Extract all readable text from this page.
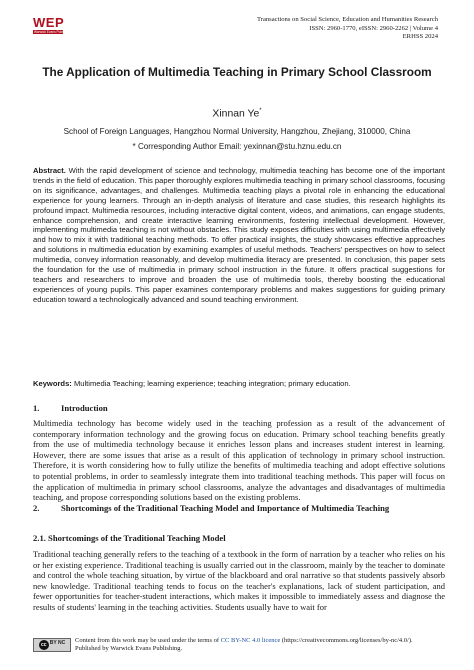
WEP
Warwick Evans Publishing
Transactions on Social Science, Education and Humanities Research
ISSN: 2960-1770, eISSN: 2960-2262 | Volume 4
ERHSS 2024
The Application of Multimedia Teaching in Primary School Classroom
Xinnan Ye*
School of Foreign Languages, Hangzhou Normal University, Hangzhou, Zhejiang, 310000, China
* Corresponding Author Email: yexinnan@stu.hznu.edu.cn
Abstract. With the rapid development of science and technology, multimedia teaching has become one of the important trends in the field of education. This paper thoroughly explores multimedia teaching in primary school classrooms, focusing on its significance, advantages, and challenges. Multimedia teaching plays a pivotal role in enhancing the educational experience for young learners. Through an in-depth analysis of literature and case studies, this research highlights its profound impact. Multimedia resources, including interactive digital content, videos, and animations, can engage students, enhance comprehension, and create interactive learning environments, fostering intellectual development. However, implementing multimedia teaching is not without obstacles. This study exposes difficulties with using multimedia effectively and how to mix it with traditional teaching methods. To offer practical insights, the study showcases effective approaches and solutions in multimedia education by examining examples of useful methods. Teachers' perspectives on how to select multimedia, convey information reasonably, and develop multimedia literacy are presented. In conclusion, this paper sets the foundation for the use of multimedia in primary school instruction in the future. It offers practical suggestions for teachers and researchers to improve and broaden the use of multimedia tools, thereby boosting the educational experiences of young pupils. This paper examines contemporary problems and makes suggestions for guiding primary education toward a technologically advanced and sound teaching environment.
Keywords: Multimedia Teaching; learning experience; teaching integration; primary education.
1.	Introduction
Multimedia technology has become widely used in the teaching profession as a result of the advancement of contemporary information technology and the growing focus on education. Primary school teaching benefits greatly from the use of multimedia technology because it enriches lesson plans and increases student interest in learning. However, there are some issues that arise as a result of this application of technology in primary school instruction. Therefore, it is worth considering how to fully utilize the benefits of multimedia teaching and adopt effective solutions to potential problems, in order to seamlessly integrate them into traditional teaching methods. This paper will focus on the application of multimedia in primary school classrooms, analyze the advantages and disadvantages of multimedia teaching, and propose corresponding solutions based on the existing problems.
2.	Shortcomings of the Traditional Teaching Model and Importance of Multimedia Teaching
2.1. Shortcomings of the Traditional Teaching Model
Traditional teaching generally refers to the teaching of a textbook in the form of narration by a teacher who relies on his or her existing experience. Traditional teaching is usually carried out in the classroom, mainly by the teacher to dominate and control the whole teaching situation, by virtue of the blackboard and oral narrative so that students passively absorb new knowledge. Traditional teaching tends to focus on the teacher's explanations, lack of student participation, and fewer opportunities for teacher-student interactions, which makes it impossible to immediately assess and diagnose the results of students' learning in the teaching activities. Students usually have to wait for
cc BY NC	Content from this work may be used under the terms of CC BY-NC 4.0 licence (https://creativecommons.org/licenses/by-nc/4.0/).
Published by Warwick Evans Publishing.
